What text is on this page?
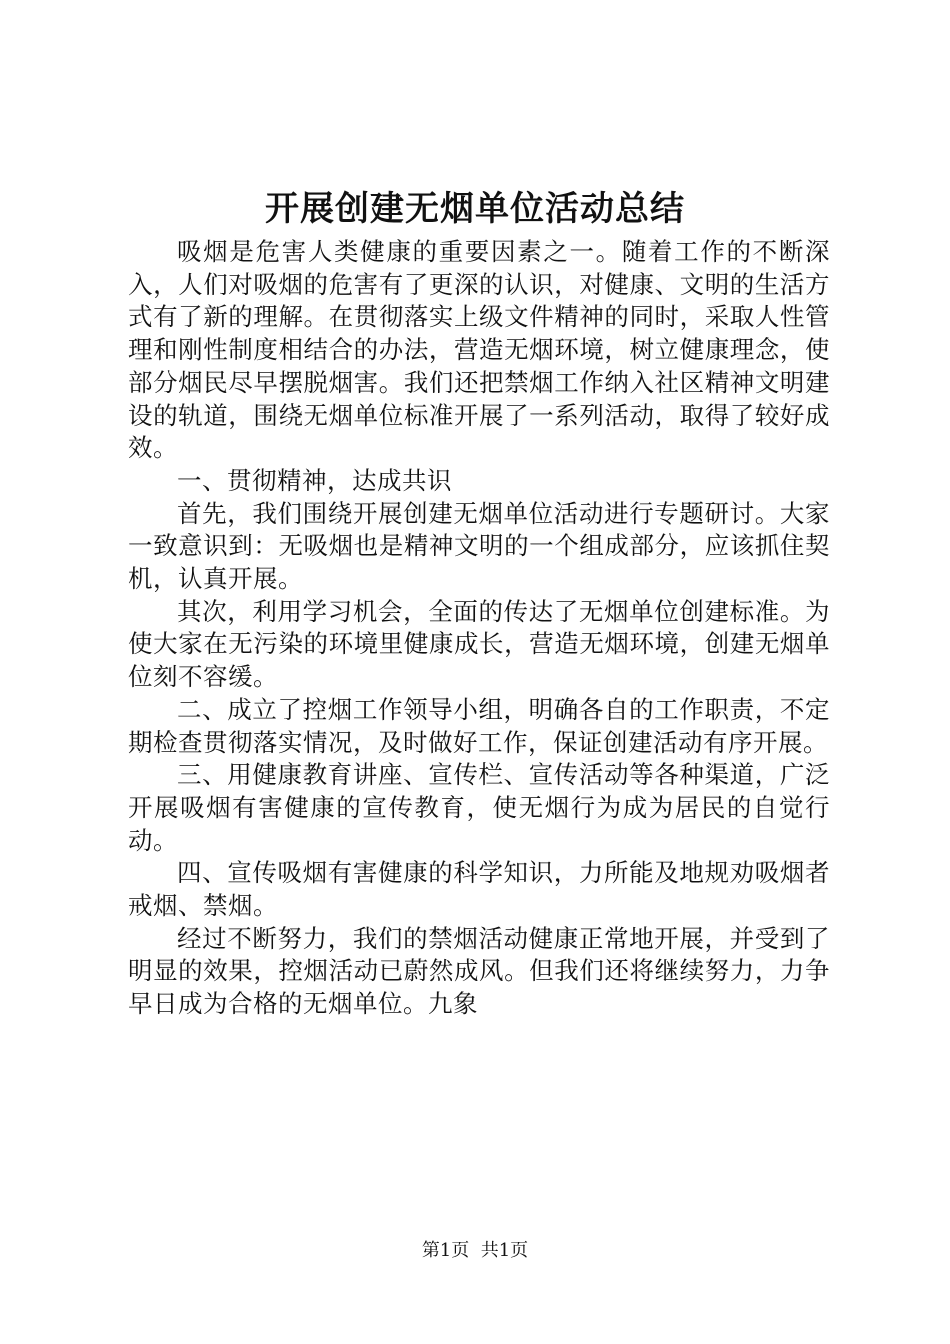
开展创建无烟单位活动总结

吸烟是危害人类健康的重要因素之一。随着工作的不断深入，人们对吸烟的危害有了更深的认识，对健康、文明的生活方式有了新的理解。在贯彻落实上级文件精神的同时，采取人性管理和刚性制度相结合的办法，营造无烟环境，树立健康理念，使部分烟民尽早摆脱烟害。我们还把禁烟工作纳入社区精神文明建设的轨道，围绕无烟单位标准开展了一系列活动，取得了较好成效。

一、贯彻精神，达成共识

首先，我们围绕开展创建无烟单位活动进行专题研讨。大家一致意识到：无吸烟也是精神文明的一个组成部分，应该抓住契机，认真开展。

其次，利用学习机会，全面的传达了无烟单位创建标准。为使大家在无污染的环境里健康成长，营造无烟环境，创建无烟单位刻不容缓。

二、成立了控烟工作领导小组，明确各自的工作职责，不定期检查贯彻落实情况，及时做好工作，保证创建活动有序开展。

三、用健康教育讲座、宣传栏、宣传活动等各种渠道，广泛开展吸烟有害健康的宣传教育，使无烟行为成为居民的自觉行动。

四、宣传吸烟有害健康的科学知识，力所能及地规劝吸烟者戒烟、禁烟。

经过不断努力，我们的禁烟活动健康正常地开展，并受到了明显的效果，控烟活动已蔚然成风。但我们还将继续努力，力争早日成为合格的无烟单位。九象

第1页 共1页
